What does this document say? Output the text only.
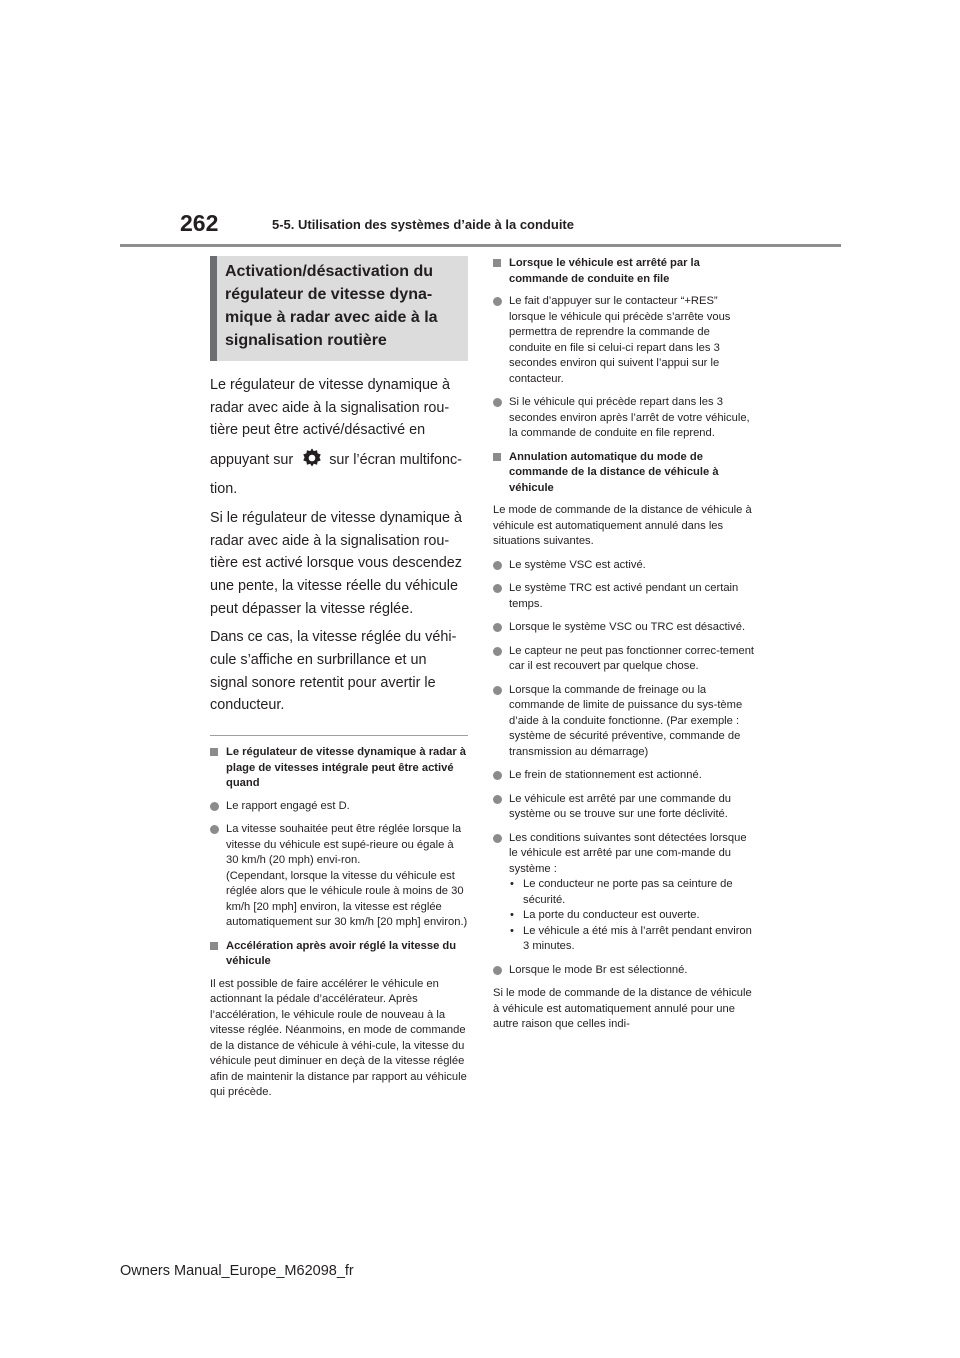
262	5-5. Utilisation des systèmes d’aide à la conduite
Activation/désactivation du
régulateur de vitesse dyna-
mique à radar avec aide à la
signalisation routière

Le régulateur de vitesse dynamique à radar avec aide à la signalisation rou-tière peut être activé/désactivé en
appuyant sur	sur l’écran multifonc-
tion.

Si le régulateur de vitesse dynamique à radar avec aide à la signalisation rou-tière est activé lorsque vous descendez une pente, la vitesse réelle du véhicule peut dépasser la vitesse réglée.

Dans ce cas, la vitesse réglée du véhi-cule s’affiche en surbrillance et un signal sonore retentit pour avertir le conducteur.

Le régulateur de vitesse dynamique à radar à plage de vitesses intégrale peut être activé quand

Le rapport engagé est D.

La vitesse souhaitée peut être réglée lorsque la vitesse du véhicule est supé-rieure ou égale à 30 km/h (20 mph) envi-ron.
(Cependant, lorsque la vitesse du véhicule est réglée alors que le véhicule roule à moins de 30 km/h [20 mph] environ, la vitesse est réglée automatiquement sur 30 km/h [20 mph] environ.)

Accélération après avoir réglé la vitesse du véhicule

Il est possible de faire accélérer le véhicule en actionnant la pédale d’accélérateur. Après l’accélération, le véhicule roule de nouveau à la vitesse réglée. Néanmoins, en mode de commande de la distance de véhicule à véhi-cule, la vitesse du véhicule peut diminuer en deçà de la vitesse réglée afin de maintenir la distance par rapport au véhicule qui précède.

Lorsque le véhicule est arrêté par la commande de conduite en file

Le fait d’appuyer sur le contacteur “+RES” lorsque le véhicule qui précède s’arrête vous permettra de reprendre la commande de conduite en file si celui-ci repart dans les 3 secondes environ qui suivent l’appui sur le contacteur.

Si le véhicule qui précède repart dans les 3 secondes environ après l’arrêt de votre véhicule, la commande de conduite en file reprend.

Annulation automatique du mode de commande de la distance de véhicule à véhicule

Le mode de commande de la distance de véhicule à véhicule est automatiquement annulé dans les situations suivantes.

Le système VSC est activé.

Le système TRC est activé pendant un certain temps.

Lorsque le système VSC ou TRC est désactivé.

Le capteur ne peut pas fonctionner correc-tement car il est recouvert par quelque chose.

Lorsque la commande de freinage ou la commande de limite de puissance du sys-tème d’aide à la conduite fonctionne. (Par exemple : système de sécurité préventive, commande de transmission au démarrage)

Le frein de stationnement est actionné.

Le véhicule est arrêté par une commande du système ou se trouve sur une forte déclivité.

Les conditions suivantes sont détectées lorsque le véhicule est arrêté par une com-mande du système :
• Le conducteur ne porte pas sa ceinture de sécurité.
• La porte du conducteur est ouverte.
• Le véhicule a été mis à l’arrêt pendant environ 3 minutes.

Lorsque le mode Br est sélectionné.

Si le mode de commande de la distance de véhicule à véhicule est automatiquement annulé pour une autre raison que celles indi-

Owners Manual_Europe_M62098_fr
